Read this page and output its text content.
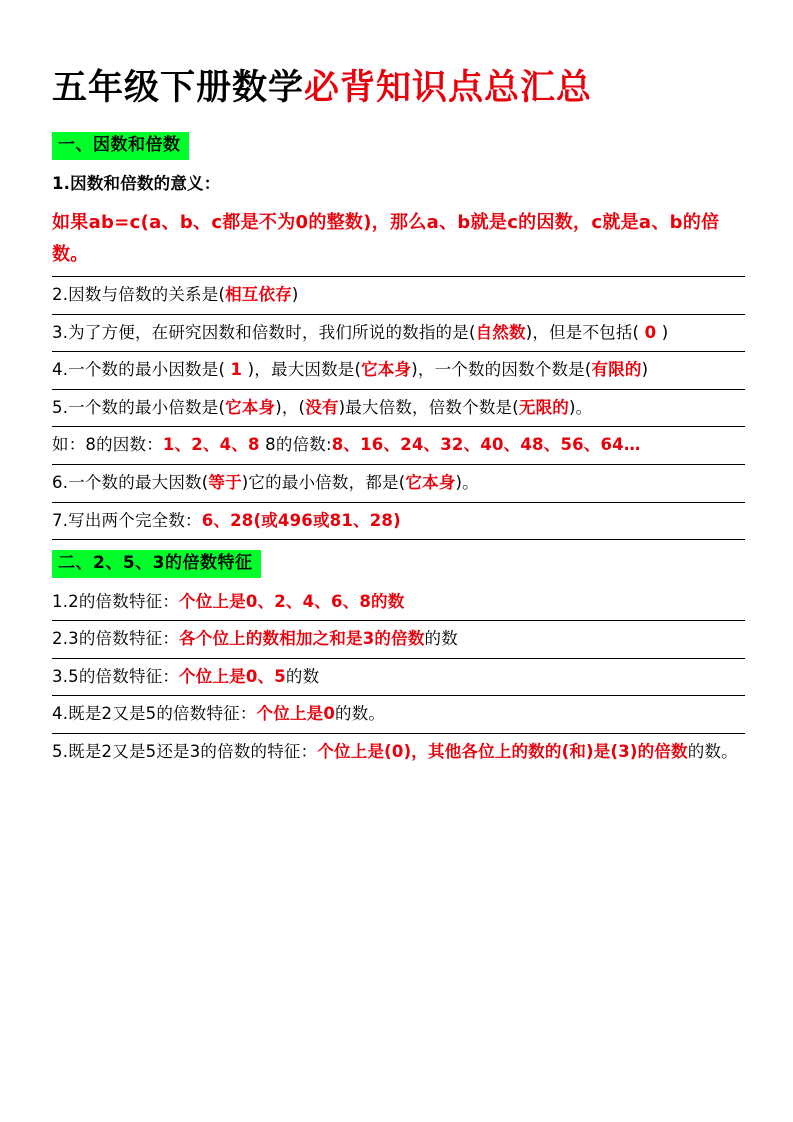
五年级下册数学必背知识点总汇总
一、因数和倍数
1.因数和倍数的意义：
如果ab=c(a、b、c都是不为0的整数)，那么a、b就是c的因数，c就是a、b的倍数。
2.因数与倍数的关系是(相互依存)
3.为了方便，在研究因数和倍数时，我们所说的数指的是(自然数)，但是不包括( 0 )
4.一个数的最小因数是( 1 )，最大因数是(它本身)，一个数的因数个数是(有限的)
5.一个数的最小倍数是(它本身)，(没有)最大倍数，倍数个数是(无限的)。
如：8的因数：1、2、4、8 8的倍数:8、16、24、32、40、48、56、64…
6.一个数的最大因数(等于)它的最小倍数，都是(它本身)。
7.写出两个完全数：6、28(或496或81、28)
二、2、5、3的倍数特征
1.2的倍数特征：个位上是0、2、4、6、8的数
2.3的倍数特征：各个位上的数相加之和是3的倍数的数
3.5的倍数特征：个位上是0、5的数
4.既是2又是5的倍数特征：个位上是0的数。
5.既是2又是5还是3的倍数的特征：个位上是(0)，其他各位上的数的(和)是(3)的倍数的数。
